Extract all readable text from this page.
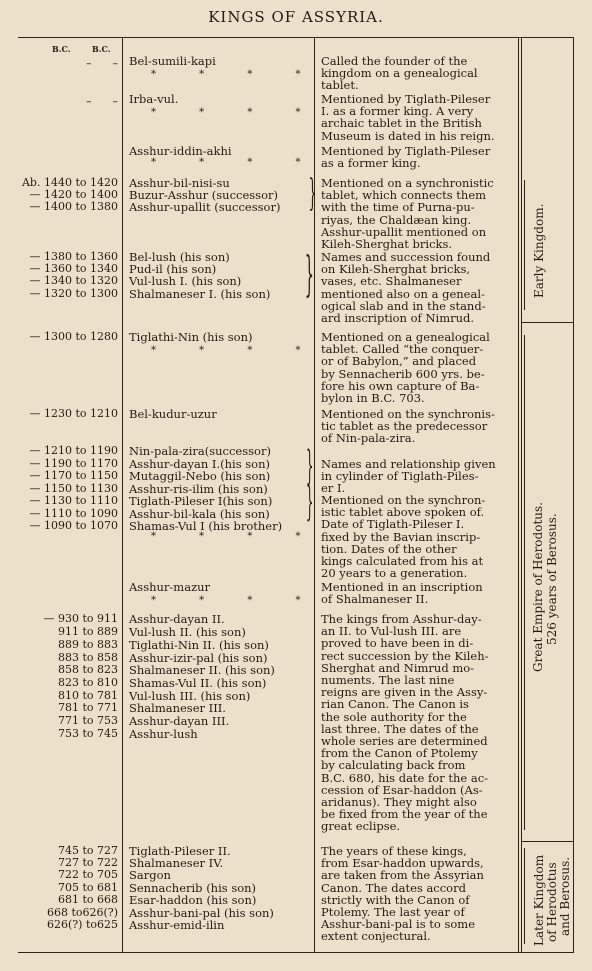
KINGS OF ASSYRIA.
B.C.	B.C.
–      –
–      –
Bel-sumili-kapi
Irba-vul.
Asshur-iddin-akhi
Ab. 1440 to 1420 Asshur-bil-nisi-su
— 1420 to 1400 Buzur-Asshur (successor)
— 1400 to 1380 Asshur-upallit (successor)
— 1380 to 1360 Bel-lush (his son)
— 1360 to 1340 Pud-il (his son)
— 1340 to 1320 Vul-lush I. (his son)
— 1320 to 1300 Shalmaneser I. (his son)
— 1300 to 1280 Tiglathi-Nin (his son)
— 1230 to 1210 Bel-kudur-uzur
— 1210 to 1190 Nin-pala-zira(successor)
— 1190 to 1170 Asshur-dayan I.(his son)
— 1170 to 1150 Mutaggil-Nebo (his son)
— 1150 to 1130 Asshur-ris-ilim (his son)
— 1130 to 1110 Tiglath-Pileser I(his son)
— 1110 to 1090 Asshur-bil-kala (his son)
— 1090 to 1070 Shamas-Vul I (his brother)
Asshur-mazur
— 930 to 911 Asshur-dayan II.
911 to 889 Vul-lush II. (his son)
889 to 883 Tiglathi-Nin II. (his son)
883 to 858 Asshur-izir-pal (his son)
858 to 823 Shalmaneser II. (his son)
823 to 810 Shamas-Vul II. (his son)
810 to 781 Vul-lush III. (his son)
781 to 771 Shalmaneser III.
771 to 753 Asshur-dayan III.
753 to 745 Asshur-lush
745 to 727 Tiglath-Pileser II.
727 to 722 Shalmaneser IV.
722 to 705 Sargon
705 to 681 Sennacherib (his son)
681 to 668 Esar-haddon (his son)
668 to626(?) Asshur-bani-pal (his son)
626(?) to625 Asshur-emid-ilin
* * * *
* * * *
* * * *
* * * *
* * * *
* * * *
}
}
}
}
Called the founder of the
kingdom on a genealogical
tablet.
Mentioned by Tiglath-Pileser
I. as a former king. A very
archaic tablet in the British
Museum is dated in his reign.
Mentioned by Tiglath-Pileser
as a former king.
Mentioned on a synchronistic
tablet, which connects them
with the time of Purna-pu-
riyas, the Chaldæan king.
Asshur-upallit mentioned on
Kileh-Sherghat bricks.
Names and succession found
on Kileh-Sherghat bricks,
vases, etc. Shalmaneser
mentioned also on a geneal-
ogical slab and in the stand-
ard inscription of Nimrud.
Mentioned on a genealogical
tablet. Called “the conquer-
or of Babylon,” and placed
by Sennacherib 600 yrs. be-
fore his own capture of Ba-
bylon in B.C. 703.
Mentioned on the synchronis-
tic tablet as the predecessor
of Nin-pala-zira.
Names and relationship given
in cylinder of Tiglath-Piles-
er I.
Mentioned on the synchron-
istic tablet above spoken of.
Date of Tiglath-Pileser I.
fixed by the Bavian inscrip-
tion. Dates of the other
kings calculated from his at
20 years to a generation.
Mentioned in an inscription
of Shalmaneser II.
The kings from Asshur-day-
an II. to Vul-lush III. are
proved to have been in di-
rect succession by the Kileh-
Sherghat and Nimrud mo-
numents. The last nine
reigns are given in the Assy-
rian Canon. The Canon is
the sole authority for the
last three. The dates of the
whole series are determined
from the Canon of Ptolemy
by calculating back from
B.C. 680, his date for the ac-
cession of Esar-haddon (As-
aridanus). They might also
be fixed from the year of the
great eclipse.
The years of these kings,
from Esar-haddon upwards,
are taken from the Assyrian
Canon. The dates accord
strictly with the Canon of
Ptolemy. The last year of
Asshur-bani-pal is to some
extent conjectural.
Early Kingdom.
Great Empire of Herodotus. 526 years of Berosus.
Later Kingdom of Herodotus and Berosus.
